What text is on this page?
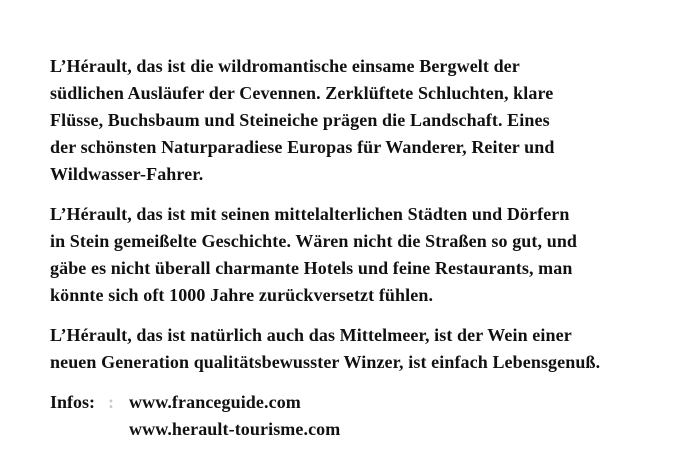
L’Hérault, das ist die wildromantische einsame Bergwelt der
südlichen Ausläufer der Cevennen. Zerklüftete Schluchten, klare
Flüsse, Buchsbaum und Steineiche prägen die Landschaft. Eines
der schönsten Naturparadiese Europas für Wanderer, Reiter und
Wildwasser-Fahrer.
L’Hérault, das ist mit seinen mittelalterlichen Städten und Dörfern
in Stein gemeißelte Geschichte. Wären nicht die Straßen so gut, und
gäbe es nicht überall charmante Hotels und feine Restaurants, man
könnte sich oft 1000 Jahre zurückversetzt fühlen.
L’Hérault, das ist natürlich auch das Mittelmeer, ist der Wein einer
neuen Generation qualitätsbewusster Winzer, ist einfach Lebensgenuß.
Infos: : www.franceguide.com
www.herault-tourisme.com
